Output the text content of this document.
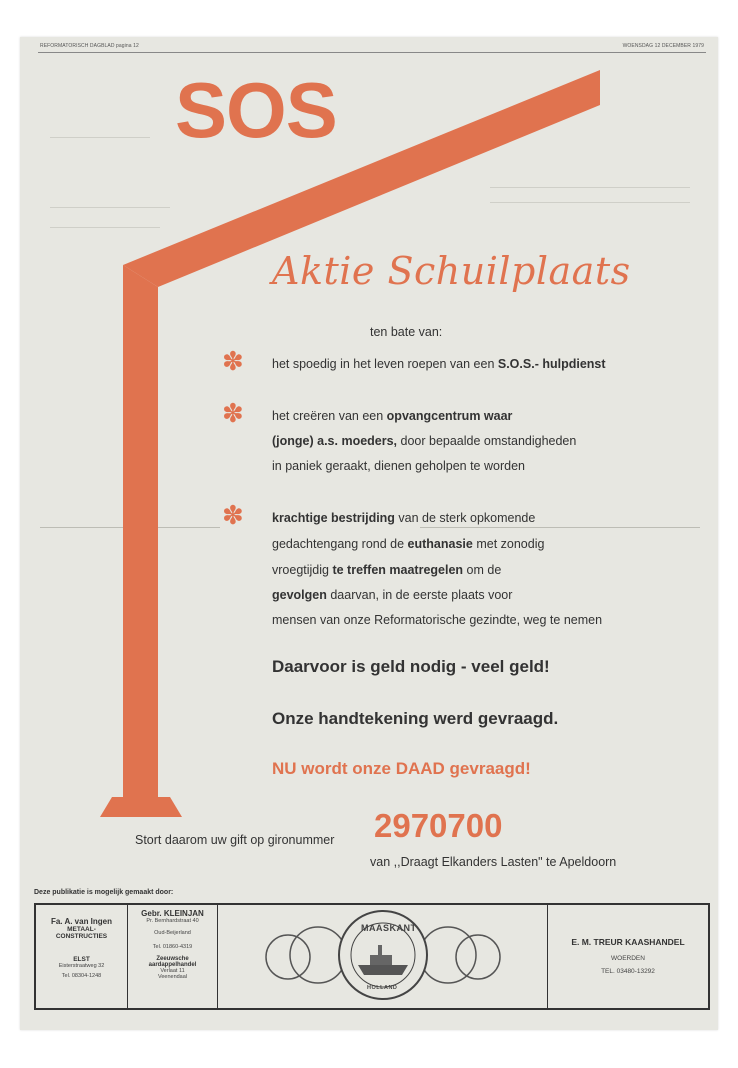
REFORMATORISCH DAGBLAD pagina 12	WOENSDAG 12 DECEMBER 1979
SOS
Aktie Schuilplaats
ten bate van:
✽ het spoedig in het leven roepen van een S.O.S.- hulpdienst
✽ het creëren van een opvangcentrum waar
(jonge) a.s. moeders, door bepaalde omstandigheden
in paniek geraakt, dienen geholpen te worden
✽ krachtige bestrijding van de sterk opkomende
gedachtengang rond de euthanasie met zonodig
vroegtijdig te treffen maatregelen om de
gevolgen daarvan, in de eerste plaats voor
mensen van onze Reformatorische gezindte, weg te nemen
Daarvoor is geld nodig - veel geld!
Onze handtekening werd gevraagd.
NU wordt onze DAAD gevraagd!
Stort daarom uw gift op gironummer 2970700
van ,,Draagt Elkanders Lasten" te Apeldoorn
Deze publikatie is mogelijk gemaakt door:
Fa. A. van Ingen
METAAL-
CONSTRUCTIES
ELST
Eisterstraatweg 32
Tel. 08304-1248
Gebr. KLEINJAN
Pr. Bernhardstraat 40
Oud-Beijerland
Tel. 01860-4319
Zeeuwsche
aardappelhandel
Verlaat 11
Veenendaal
MAASKANT
HOLLAND
E. M. TREUR KAASHANDEL
WOERDEN
TEL. 03480-13292
